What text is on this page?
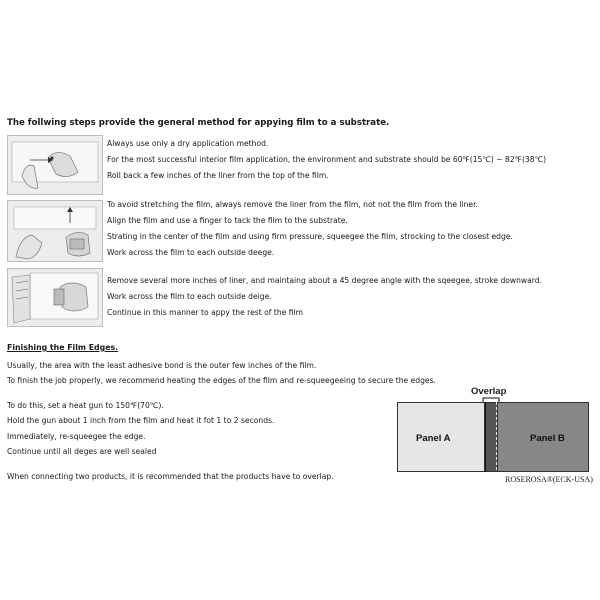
The follwing steps provide the general method for appying film to a substrate.
Always use only a dry application method.
For the most successful interior film application, the environment and substrate should be 60℉(15℃) ~ 82℉(38℃)
Roll back a few inches of the liner from the top of the film.
To avoid stretching the film, always remove the liner from the film, not not the film from the liner.
Align the film and use a finger to tack the film to the substrate.
Strating in the center of the film and using firm pressure, squeegee the film, strocking to the closest edge.
Work across the film to each outside deege.
Remove several more inches of liner, and maintaing about a 45 degree angle with the sqeegee, stroke downward.
Work across the film to each outside deige.
Continue in this manner to appy the rest of the film
Finishing the Film Edges.
Usually, the area with the least adhesive bond is the outer few inches of the film.
To finish the job properly, we recommend heating the edges of the film and re-squeegeeing to secure the edges.
To do this, set a heat gun to 150℉(70℃).
Hold the gun about 1 inch from the film and heat it fot 1 to 2 seconds.
Immediately, re-squeegee the edge.
Continue until all deges are well sealed
When connecting two products, it is recommended that the products have to overlap.
Overlap
Panel A	Panel B
ROSEROSA®(ECK-USA)
